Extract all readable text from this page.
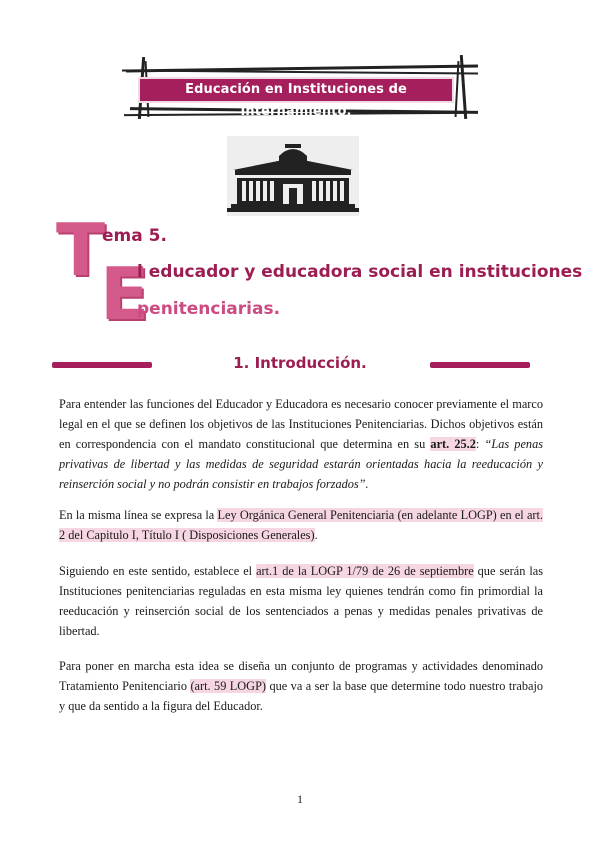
Educación en Instituciones de Internamiento.
T
E
ema 5.
l educador y educadora social en instituciones
penitenciarias.
1. Introducción.

Para entender las funciones del Educador y Educadora es necesario conocer previamente el marco legal en el que se definen los objetivos de las Instituciones Penitenciarias. Dichos objetivos están en correspondencia con el mandato constitucional que determina en su art. 25.2: “Las penas privativas de libertad y las medidas de seguridad estarán orientadas hacia la reeducación y reinserción social y no podrán consistir en trabajos forzados”.

En la misma línea se expresa la Ley Orgánica General Penitenciaria (en adelante LOGP) en el art. 2 del Capitulo I, Título I ( Disposiciones Generales).

Siguiendo en este sentido, establece el art.1 de la LOGP 1/79 de 26 de septiembre que serán las Instituciones penitenciarias reguladas en esta misma ley quienes tendrán como fin primordial la reeducación y reinserción social de los sentenciados a penas y medidas penales privativas de libertad.

Para poner en marcha esta idea se diseña un conjunto de programas y actividades denominado Tratamiento Penitenciario (art. 59 LOGP) que va a ser la base que determine todo nuestro trabajo y que da sentido a la figura del Educador.

1
